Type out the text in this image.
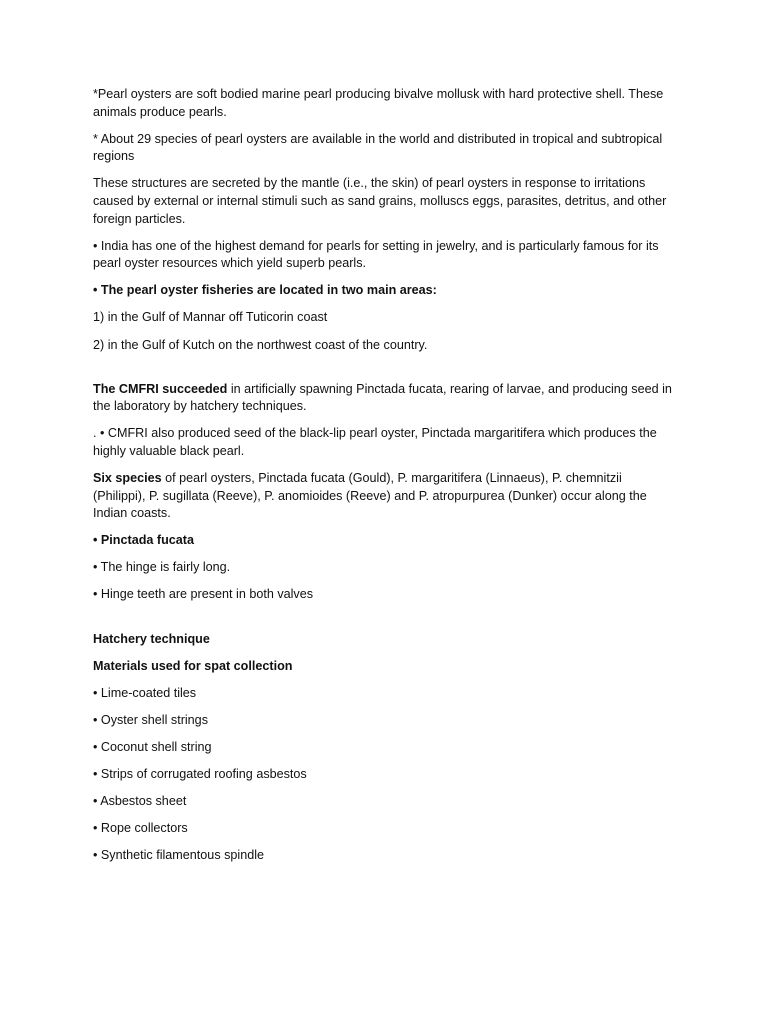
*Pearl oysters are soft bodied marine pearl producing bivalve mollusk with hard protective shell. These animals produce pearls.

* About 29 species of pearl oysters are available in the world and distributed in tropical and subtropical regions

These structures are secreted by the mantle (i.e., the skin) of pearl oysters in response to irritations caused by external or internal stimuli such as sand grains, molluscs eggs, parasites, detritus, and other foreign particles.

• India has one of the highest demand for pearls for setting in jewelry, and is particularly famous for its pearl oyster resources which yield superb pearls.

• The pearl oyster fisheries are located in two main areas:

1) in the Gulf of Mannar off Tuticorin coast

2) in the Gulf of Kutch on the northwest coast of the country.

The CMFRI succeeded in artificially spawning Pinctada fucata, rearing of larvae, and producing seed in the laboratory by hatchery techniques.

. • CMFRI also produced seed of the black-lip pearl oyster, Pinctada margaritifera which produces the highly valuable black pearl.

Six species of pearl oysters, Pinctada fucata (Gould), P. margaritifera (Linnaeus), P. chemnitzii (Philippi), P. sugillata (Reeve), P. anomioides (Reeve) and P. atropurpurea (Dunker) occur along the Indian coasts.

• Pinctada fucata

• The hinge is fairly long.

• Hinge teeth are present in both valves

Hatchery technique

Materials used for spat collection

• Lime-coated tiles

• Oyster shell strings

• Coconut shell string

• Strips of corrugated roofing asbestos

• Asbestos sheet

• Rope collectors

• Synthetic filamentous spindle
